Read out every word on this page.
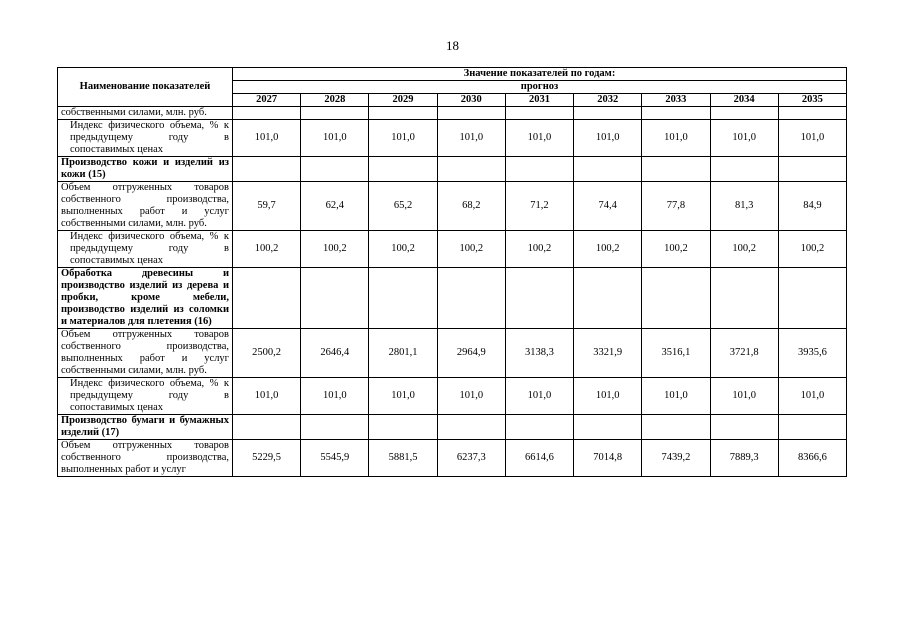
18
Наименование показателей	Значение показателей по годам:								
	прогноз								
	2027	2028	2029	2030	2031	2032	2033	2034	2035
собственными силами, млн. руб.									
Индекс физического объема, % к предыдущему году в сопоставимых ценах	101,0	101,0	101,0	101,0	101,0	101,0	101,0	101,0	101,0
Производство кожи и изделий из кожи (15)									
Объем отгруженных товаров собственного производства, выполненных работ и услуг собственными силами, млн. руб.	59,7	62,4	65,2	68,2	71,2	74,4	77,8	81,3	84,9
Индекс физического объема, % к предыдущему году в сопоставимых ценах	100,2	100,2	100,2	100,2	100,2	100,2	100,2	100,2	100,2
Обработка древесины и производство изделий из дерева и пробки, кроме мебели, производство изделий из соломки и материалов для плетения (16)									
Объем отгруженных товаров собственного производства, выполненных работ и услуг собственными силами, млн. руб.	2500,2	2646,4	2801,1	2964,9	3138,3	3321,9	3516,1	3721,8	3935,6
Индекс физического объема, % к предыдущему году в сопоставимых ценах	101,0	101,0	101,0	101,0	101,0	101,0	101,0	101,0	101,0
Производство бумаги и бумажных изделий (17)									
Объем отгруженных товаров собственного производства, выполненных работ и услуг	5229,5	5545,9	5881,5	6237,3	6614,6	7014,8	7439,2	7889,3	8366,6
